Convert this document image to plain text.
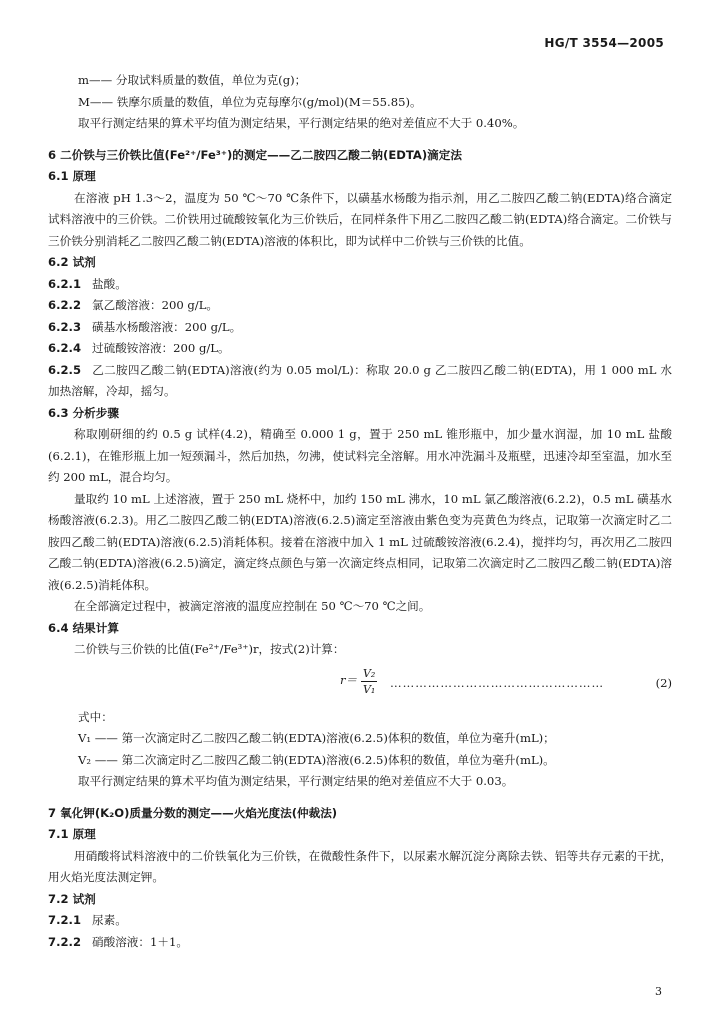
HG/T 3554—2005
m—— 分取试料质量的数值，单位为克(g)；
M—— 铁摩尔质量的数值，单位为克每摩尔(g/mol)(M＝55.85)。
取平行测定结果的算术平均值为测定结果，平行测定结果的绝对差值应不大于 0.40%。
6 二价铁与三价铁比值(Fe²⁺/Fe³⁺)的测定——乙二胺四乙酸二钠(EDTA)滴定法
6.1 原理
在溶液 pH 1.3～2，温度为 50 ℃～70 ℃条件下，以磺基水杨酸为指示剂，用乙二胺四乙酸二钠(EDTA)络合滴定试料溶液中的三价铁。二价铁用过硫酸铵氧化为三价铁后，在同样条件下用乙二胺四乙酸二钠(EDTA)络合滴定。二价铁与三价铁分别消耗乙二胺四乙酸二钠(EDTA)溶液的体积比，即为试样中二价铁与三价铁的比值。
6.2 试剂
6.2.1 盐酸。
6.2.2 氯乙酸溶液：200 g/L。
6.2.3 磺基水杨酸溶液：200 g/L。
6.2.4 过硫酸铵溶液：200 g/L。
6.2.5 乙二胺四乙酸二钠(EDTA)溶液(约为 0.05 mol/L)：称取 20.0 g 乙二胺四乙酸二钠(EDTA)，用 1 000 mL 水加热溶解，冷却，摇匀。
6.3 分析步骤
称取刚研细的约 0.5 g 试样(4.2)，精确至 0.000 1 g，置于 250 mL 锥形瓶中，加少量水润湿，加 10 mL 盐酸(6.2.1)，在锥形瓶上加一短颈漏斗，然后加热，勿沸，使试料完全溶解。用水冲洗漏斗及瓶壁，迅速冷却至室温，加水至约 200 mL，混合均匀。
量取约 10 mL 上述溶液，置于 250 mL 烧杯中，加约 150 mL 沸水，10 mL 氯乙酸溶液(6.2.2)，0.5 mL 磺基水杨酸溶液(6.2.3)。用乙二胺四乙酸二钠(EDTA)溶液(6.2.5)滴定至溶液由紫色变为亮黄色为终点，记取第一次滴定时乙二胺四乙酸二钠(EDTA)溶液(6.2.5)消耗体积。接着在溶液中加入 1 mL 过硫酸铵溶液(6.2.4)，搅拌均匀，再次用乙二胺四乙酸二钠(EDTA)溶液(6.2.5)滴定，滴定终点颜色与第一次滴定终点相同，记取第二次滴定时乙二胺四乙酸二钠(EDTA)溶液(6.2.5)消耗体积。
在全部滴定过程中，被滴定溶液的温度应控制在 50 ℃～70 ℃之间。
6.4 结果计算
二价铁与三价铁的比值(Fe²⁺/Fe³⁺)r，按式(2)计算：
r＝
V₂
V₁ ……………………………………………	(2)
式中：
V₁ —— 第一次滴定时乙二胺四乙酸二钠(EDTA)溶液(6.2.5)体积的数值，单位为毫升(mL)；
V₂ —— 第二次滴定时乙二胺四乙酸二钠(EDTA)溶液(6.2.5)体积的数值，单位为毫升(mL)。
取平行测定结果的算术平均值为测定结果，平行测定结果的绝对差值应不大于 0.03。
7 氧化钾(K₂O)质量分数的测定——火焰光度法(仲裁法)
7.1 原理
用硝酸将试料溶液中的二价铁氧化为三价铁，在微酸性条件下，以尿素水解沉淀分离除去铁、铝等共存元素的干扰，用火焰光度法测定钾。
7.2 试剂
7.2.1 尿素。
7.2.2 硝酸溶液：1＋1。
3
